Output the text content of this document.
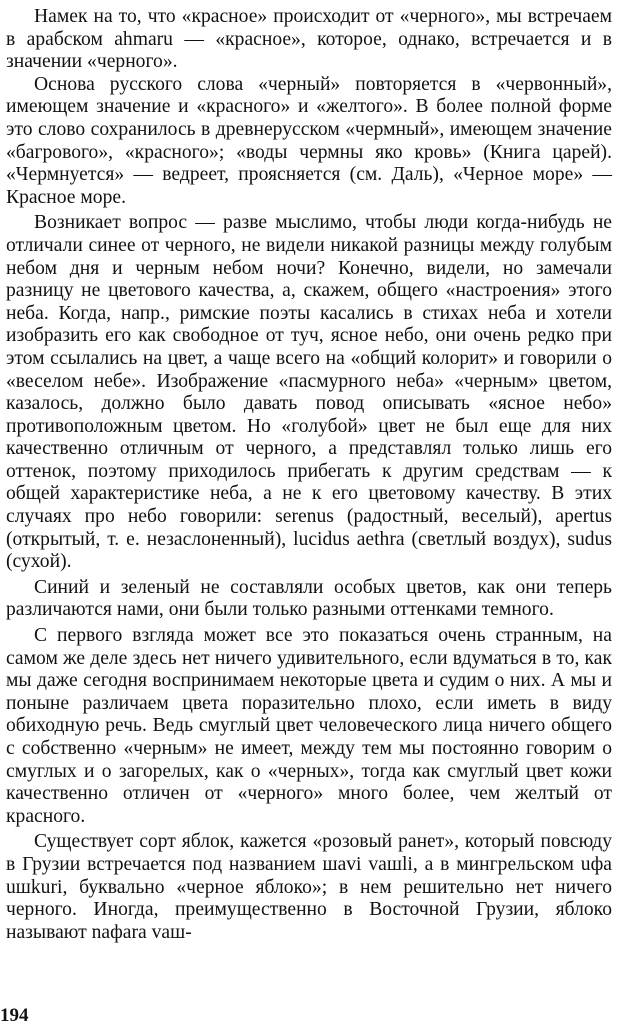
Намек на то, что «красное» происходит от «черного», мы встречаем в арабском ahmaru — «красное», которое, однако, встречается и в значении «черного».

Основа русского слова «черный» повторяется в «червонный», имеющем значение и «красного» и «желтого». В более полной форме это слово сохранилось в древнерусском «чермный», имеющем значение «багрового», «красного»; «воды чермны яко кровь» (Книга царей). «Чермнуется» — ведреет, проясняется (см. Даль), «Черное море» — Красное море.

Возникает вопрос — разве мыслимо, чтобы люди когда-нибудь не отличали синее от черного, не видели никакой разницы между голубым небом дня и черным небом ночи? Конечно, видели, но замечали разницу не цветового качества, а, скажем, общего «настроения» этого неба. Когда, напр., римские поэты касались в стихах неба и хотели изобразить его как свободное от туч, ясное небо, они очень редко при этом ссылались на цвет, а чаще всего на «общий колорит» и говорили о «веселом небе». Изображение «пасмурного неба» «черным» цветом, казалось, должно было давать повод описывать «ясное небо» противоположным цветом. Но «голубой» цвет не был еще для них качественно отличным от черного, а представлял только лишь его оттенок, поэтому приходилось прибегать к другим средствам — к общей характеристике неба, а не к его цветовому качеству. В этих случаях про небо говорили: serenus (радостный, веселый), apertus (открытый, т. е. незаслоненный), lucidus aethra (светлый воздух), sudus (сухой).

Синий и зеленый не составляли особых цветов, как они теперь различаются нами, они были только разными оттенками темного.

С первого взгляда может все это показаться очень странным, на самом же деле здесь нет ничего удивительного, если вдуматься в то, как мы даже сегодня воспринимаем некоторые цвета и судим о них. А мы и поныне различаем цвета поразительно плохо, если иметь в виду обиходную речь. Ведь смуглый цвет человеческого лица ничего общего с собственно «черным» не имеет, между тем мы постоянно говорим о смуглых и о загорелых, как о «черных», тогда как смуглый цвет кожи качественно отличен от «черного» много более, чем желтый от красного.

Существует сорт яблок, кажется «розовый ранет», который повсюду в Грузии встречается под названием шavi vaшli, а в мингрельском uфa uшkuri, буквально «черное яблоко»; в нем решительно нет ничего черного. Иногда, преимущественно в Восточной Грузии, яблоко называют naфara vaш-

194
